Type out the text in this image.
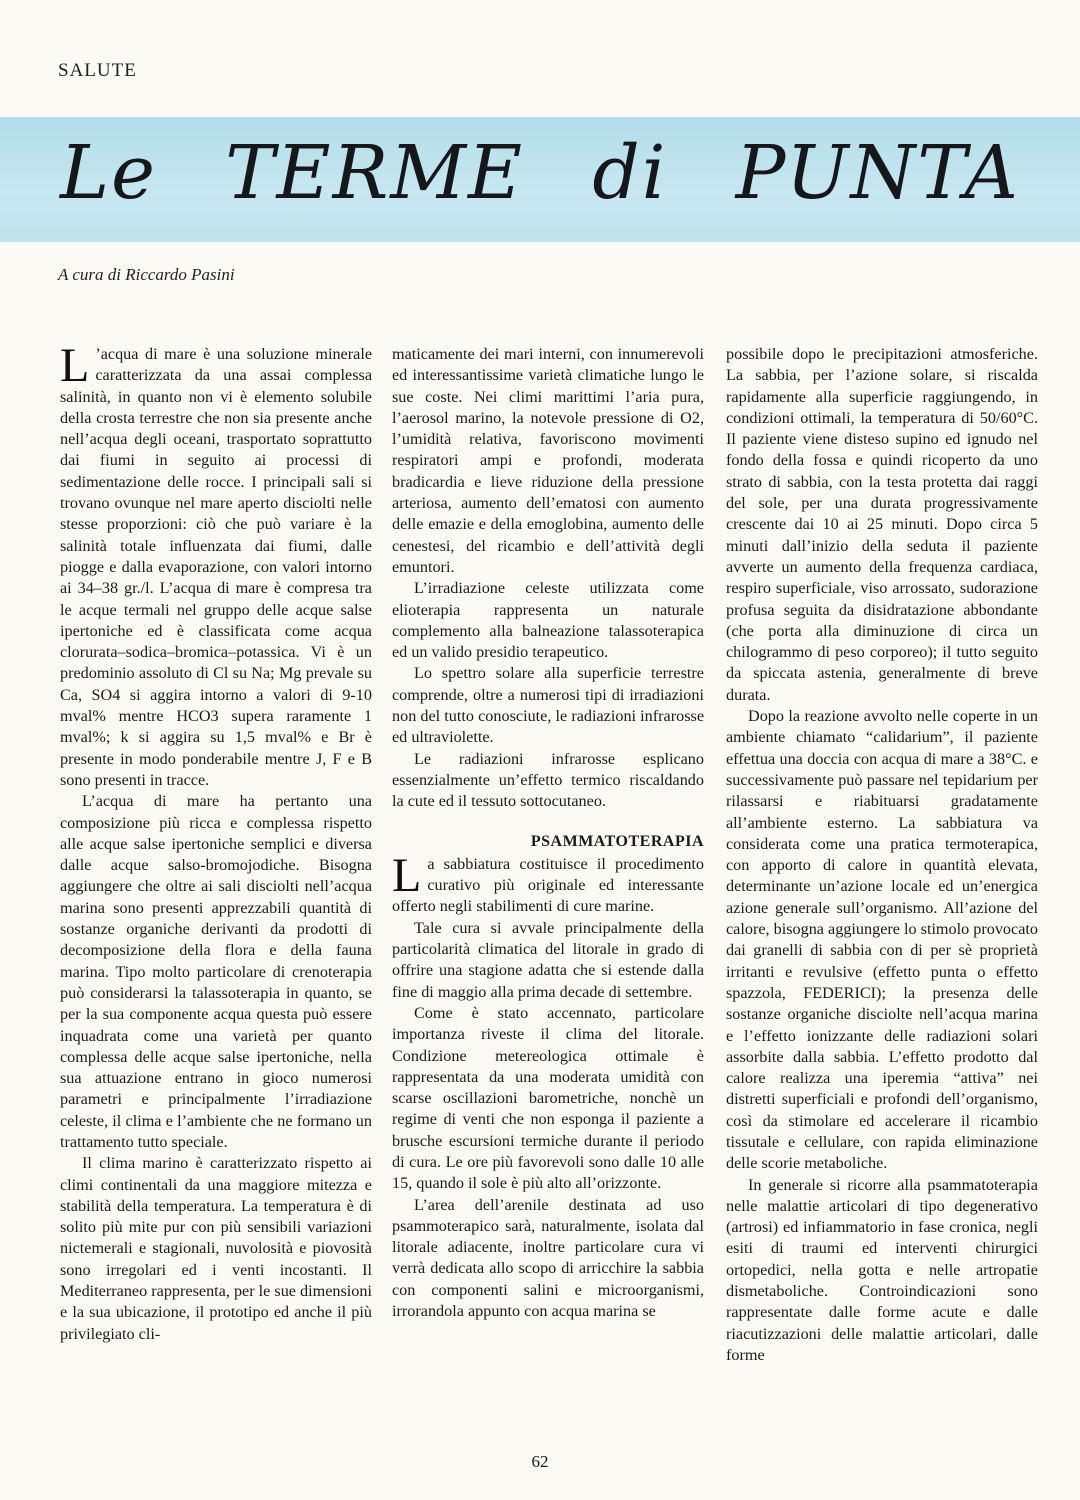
SALUTE
Le TERME di PUNTA
A cura di Riccardo Pasini

L ’acqua di mare è una soluzione minerale caratterizzata da una assai complessa salinità, in quanto non vi è elemento solubile della crosta terrestre che non sia presente anche nell’acqua degli oceani, trasportato soprattutto dai fiumi in seguito ai processi di sedimentazione delle rocce. I principali sali si trovano ovunque nel mare aperto disciolti nelle stesse proporzioni: ciò che può variare è la salinità totale influenzata dai fiumi, dalle piogge e dalla evaporazione, con valori intorno ai 34–38 gr./l. L’acqua di mare è compresa tra le acque termali nel gruppo delle acque salse ipertoniche ed è classificata come acqua clorurata–sodica–bromica–potassica. Vi è un predominio assoluto di Cl su Na; Mg prevale su Ca, SO4 si aggira intorno a valori di 9-10 mval% mentre HCO3 supera raramente 1 mval%; k si aggira su 1,5 mval% e Br è presente in modo ponderabile mentre J, F e B sono presenti in tracce.

L’acqua di mare ha pertanto una composizione più ricca e complessa rispetto alle acque salse ipertoniche semplici e diversa dalle acque salso-bromojodiche. Bisogna aggiungere che oltre ai sali disciolti nell’acqua marina sono presenti apprezzabili quantità di sostanze organiche derivanti da prodotti di decomposizione della flora e della fauna marina. Tipo molto particolare di crenoterapia può considerarsi la talassoterapia in quanto, se per la sua componente acqua questa può essere inquadrata come una varietà per quanto complessa delle acque salse ipertoniche, nella sua attuazione entrano in gioco numerosi parametri e principalmente l’irradiazione celeste, il clima e l’ambiente che ne formano un trattamento tutto speciale.

Il clima marino è caratterizzato rispetto ai climi continentali da una maggiore mitezza e stabilità della temperatura. La temperatura è di solito più mite pur con più sensibili variazioni nictemerali e stagionali, nuvolosità e piovosità sono irregolari ed i venti incostanti. Il Mediterraneo rappresenta, per le sue dimensioni e la sua ubicazione, il prototipo ed anche il più privilegiato cli-

maticamente dei mari interni, con innumerevoli ed interessantissime varietà climatiche lungo le sue coste. Nei climi marittimi l’aria pura, l’aerosol marino, la notevole pressione di O2, l’umidità relativa, favoriscono movimenti respiratori ampi e profondi, moderata bradicardia e lieve riduzione della pressione arteriosa, aumento dell’ematosi con aumento delle emazie e della emoglobina, aumento delle cenestesi, del ricambio e dell’attività degli emuntori.

L’irradiazione celeste utilizzata come elioterapia rappresenta un naturale complemento alla balneazione talassoterapica ed un valido presidio terapeutico.

Lo spettro solare alla superficie terrestre comprende, oltre a numerosi tipi di irradiazioni non del tutto conosciute, le radiazioni infrarosse ed ultraviolette.

Le radiazioni infrarosse esplicano essenzialmente un’effetto termico riscaldando la cute ed il tessuto sottocutaneo.

PSAMMATOTERAPIA

La sabbiatura costituisce il procedimento curativo più originale ed interessante offerto negli stabilimenti di cure marine.

Tale cura si avvale principalmente della particolarità climatica del litorale in grado di offrire una stagione adatta che si estende dalla fine di maggio alla prima decade di settembre.

Come è stato accennato, particolare importanza riveste il clima del litorale. Condizione metereologica ottimale è rappresentata da una moderata umidità con scarse oscillazioni barometriche, nonchè un regime di venti che non esponga il paziente a brusche escursioni termiche durante il periodo di cura. Le ore più favorevoli sono dalle 10 alle 15, quando il sole è più alto all’orizzonte.

L’area dell’arenile destinata ad uso psammoterapico sarà, naturalmente, isolata dal litorale adiacente, inoltre particolare cura vi verrà dedicata allo scopo di arricchire la sabbia con componenti salini e microorganismi, irrorandola appunto con acqua marina se

possibile dopo le precipitazioni atmosferiche. La sabbia, per l’azione solare, si riscalda rapidamente alla superficie raggiungendo, in condizioni ottimali, la temperatura di 50/60°C. Il paziente viene disteso supino ed ignudo nel fondo della fossa e quindi ricoperto da uno strato di sabbia, con la testa protetta dai raggi del sole, per una durata progressivamente crescente dai 10 ai 25 minuti. Dopo circa 5 minuti dall’inizio della seduta il paziente avverte un aumento della frequenza cardiaca, respiro superficiale, viso arrossato, sudorazione profusa seguita da disidratazione abbondante (che porta alla diminuzione di circa un chilogrammo di peso corporeo); il tutto seguito da spiccata astenia, generalmente di breve durata.

Dopo la reazione avvolto nelle coperte in un ambiente chiamato “calidarium”, il paziente effettua una doccia con acqua di mare a 38°C. e successivamente può passare nel tepidarium per rilassarsi e riabituarsi gradatamente all’ambiente esterno. La sabbiatura va considerata come una pratica termoterapica, con apporto di calore in quantità elevata, determinante un’azione locale ed un’energica azione generale sull’organismo. All’azione del calore, bisogna aggiungere lo stimolo provocato dai granelli di sabbia con di per sè proprietà irritanti e revulsive (effetto punta o effetto spazzola, FEDERICI); la presenza delle sostanze organiche disciolte nell’acqua marina e l’effetto ionizzante delle radiazioni solari assorbite dalla sabbia. L’effetto prodotto dal calore realizza una iperemia “attiva” nei distretti superficiali e profondi dell’organismo, così da stimolare ed accelerare il ricambio tissutale e cellulare, con rapida eliminazione delle scorie metaboliche.

In generale si ricorre alla psammatoterapia nelle malattie articolari di tipo degenerativo (artrosi) ed infiammatorio in fase cronica, negli esiti di traumi ed interventi chirurgici ortopedici, nella gotta e nelle artropatie dismetaboliche. Controindicazioni sono rappresentate dalle forme acute e dalle riacutizzazioni delle malattie articolari, dalle forme

62
